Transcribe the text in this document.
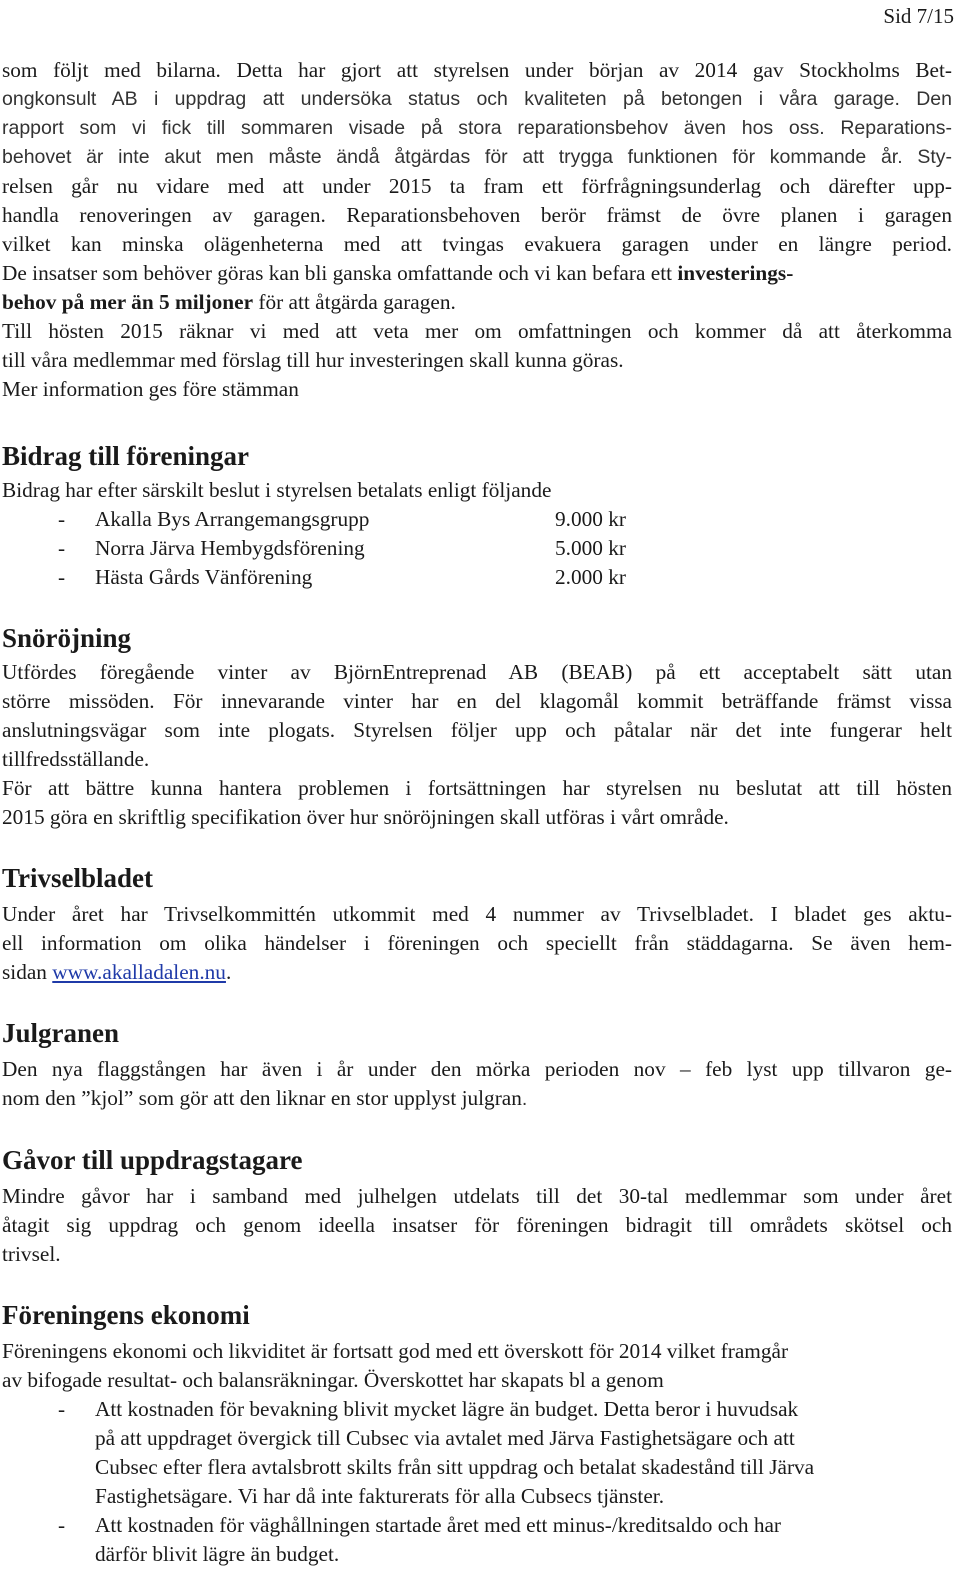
Sid 7/15

som följt med bilarna. Detta har gjort att styrelsen under början av 2014 gav Stockholms Bet-
ongkonsult AB i uppdrag att undersöka status och kvaliteten på betongen i våra garage. Den
rapport som vi fick till sommaren visade på stora reparationsbehov även hos oss. Reparations-
behovet är inte akut men måste ändå åtgärdas för att trygga funktionen för kommande år. Sty-
relsen går nu vidare med att under 2015 ta fram ett förfrågningsunderlag och därefter upp-
handla renoveringen av garagen. Reparationsbehoven berör främst de övre planen i garagen
vilket kan minska olägenheterna med att tvingas evakuera garagen under en längre period.
De insatser som behöver göras kan bli ganska omfattande och vi kan befara ett investerings-
behov på mer än 5 miljoner för att åtgärda garagen.
Till hösten 2015 räknar vi med att veta mer om omfattningen och kommer då att återkomma
till våra medlemmar med förslag till hur investeringen skall kunna göras.
Mer information ges före stämman

Bidrag till föreningar

Bidrag har efter särskilt beslut i styrelsen betalats enligt följande

- Akalla Bys Arrangemangsgrupp	9.000 kr
- Norra Järva Hembygdsförening	5.000 kr
- Hästa Gårds Vänförening	2.000 kr
Snöröjning

Utfördes föregående vinter av BjörnEntreprenad AB (BEAB) på ett acceptabelt sätt utan
större missöden. För innevarande vinter har en del klagomål kommit beträffande främst vissa
anslutningsvägar som inte plogats. Styrelsen följer upp och påtalar när det inte fungerar helt
tillfredsställande.
För att bättre kunna hantera problemen i fortsättningen har styrelsen nu beslutat att till hösten
2015 göra en skriftlig specifikation över hur snöröjningen skall utföras i vårt område.

Trivselbladet

Under året har Trivselkommittén utkommit med 4 nummer av Trivselbladet. I bladet ges aktu-
ell information om olika händelser i föreningen och speciellt från städdagarna. Se även hem-
sidan www.akalladalen.nu.

Julgranen

Den nya flaggstången har även i år under den mörka perioden nov – feb lyst upp tillvaron ge-
nom den ”kjol” som gör att den liknar en stor upplyst julgran.

Gåvor till uppdragstagare

Mindre gåvor har i samband med julhelgen utdelats till det 30-tal medlemmar som under året
åtagit sig uppdrag och genom ideella insatser för föreningen bidragit till områdets skötsel och
trivsel.

Föreningens ekonomi

Föreningens ekonomi och likviditet är fortsatt god med ett överskott för 2014 vilket framgår
av bifogade resultat- och balansräkningar. Överskottet har skapats bl a genom

- Att kostnaden för bevakning blivit mycket lägre än budget. Detta beror i huvudsak
på att uppdraget övergick till Cubsec via avtalet med Järva Fastighetsägare och att
Cubsec efter flera avtalsbrott skilts från sitt uppdrag och betalat skadestånd till Järva
Fastighetsägare. Vi har då inte fakturerats för alla Cubsecs tjänster.
- Att kostnaden för väghållningen startade året med ett minus-/kreditsaldo och har
därför blivit lägre än budget.
